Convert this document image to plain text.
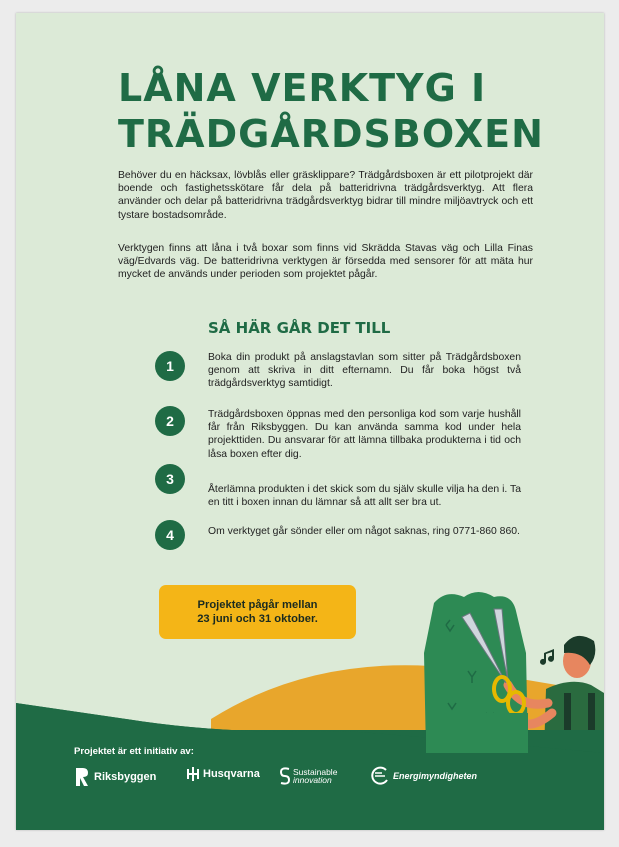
LÅNA VERKTYG I TRÄDGÅRDSBOXEN

Behöver du en häcksax, lövblås eller gräsklippare? Trädgårdsboxen är ett pilotprojekt där boende och fastighetsskötare får dela på batteridrivna trädgårdsverktyg. Att flera använder och delar på batteridrivna trädgårdsverktyg bidrar till mindre miljöavtryck och ett tystare bostadsområde.

Verktygen finns att låna i två boxar som finns vid Skrädda Stavas väg och Lilla Finas väg/Edvards väg. De batteridrivna verktygen är försedda med sensorer för att mäta hur mycket de används under perioden som projektet pågår.

SÅ HÄR GÅR DET TILL
1

Boka din produkt på anslagstavlan som sitter på Trädgårdsboxen genom att skriva in ditt efternamn. Du får boka högst två trädgårdsverktyg samtidigt.

2	Trädgårdsboxen öppnas med den personliga kod som varje hushåll får från Riksbyggen. Du kan använda samma kod under hela projekttiden. Du ansvarar för att lämna tillbaka produkterna i tid och låsa boxen efter dig.

3

Återlämna produkten i det skick som du själv skulle vilja ha den i. Ta en titt i boxen innan du lämnar så att allt ser bra ut.

4	Om verktyget går sönder eller om något saknas, ring 0771-860 860.

Projektet pågår mellan
23 juni och 31 oktober.

Projektet är ett initiativ av:

Riksbyggen	Husqvarna	Sustainable
innovation	Energimyndigheten
